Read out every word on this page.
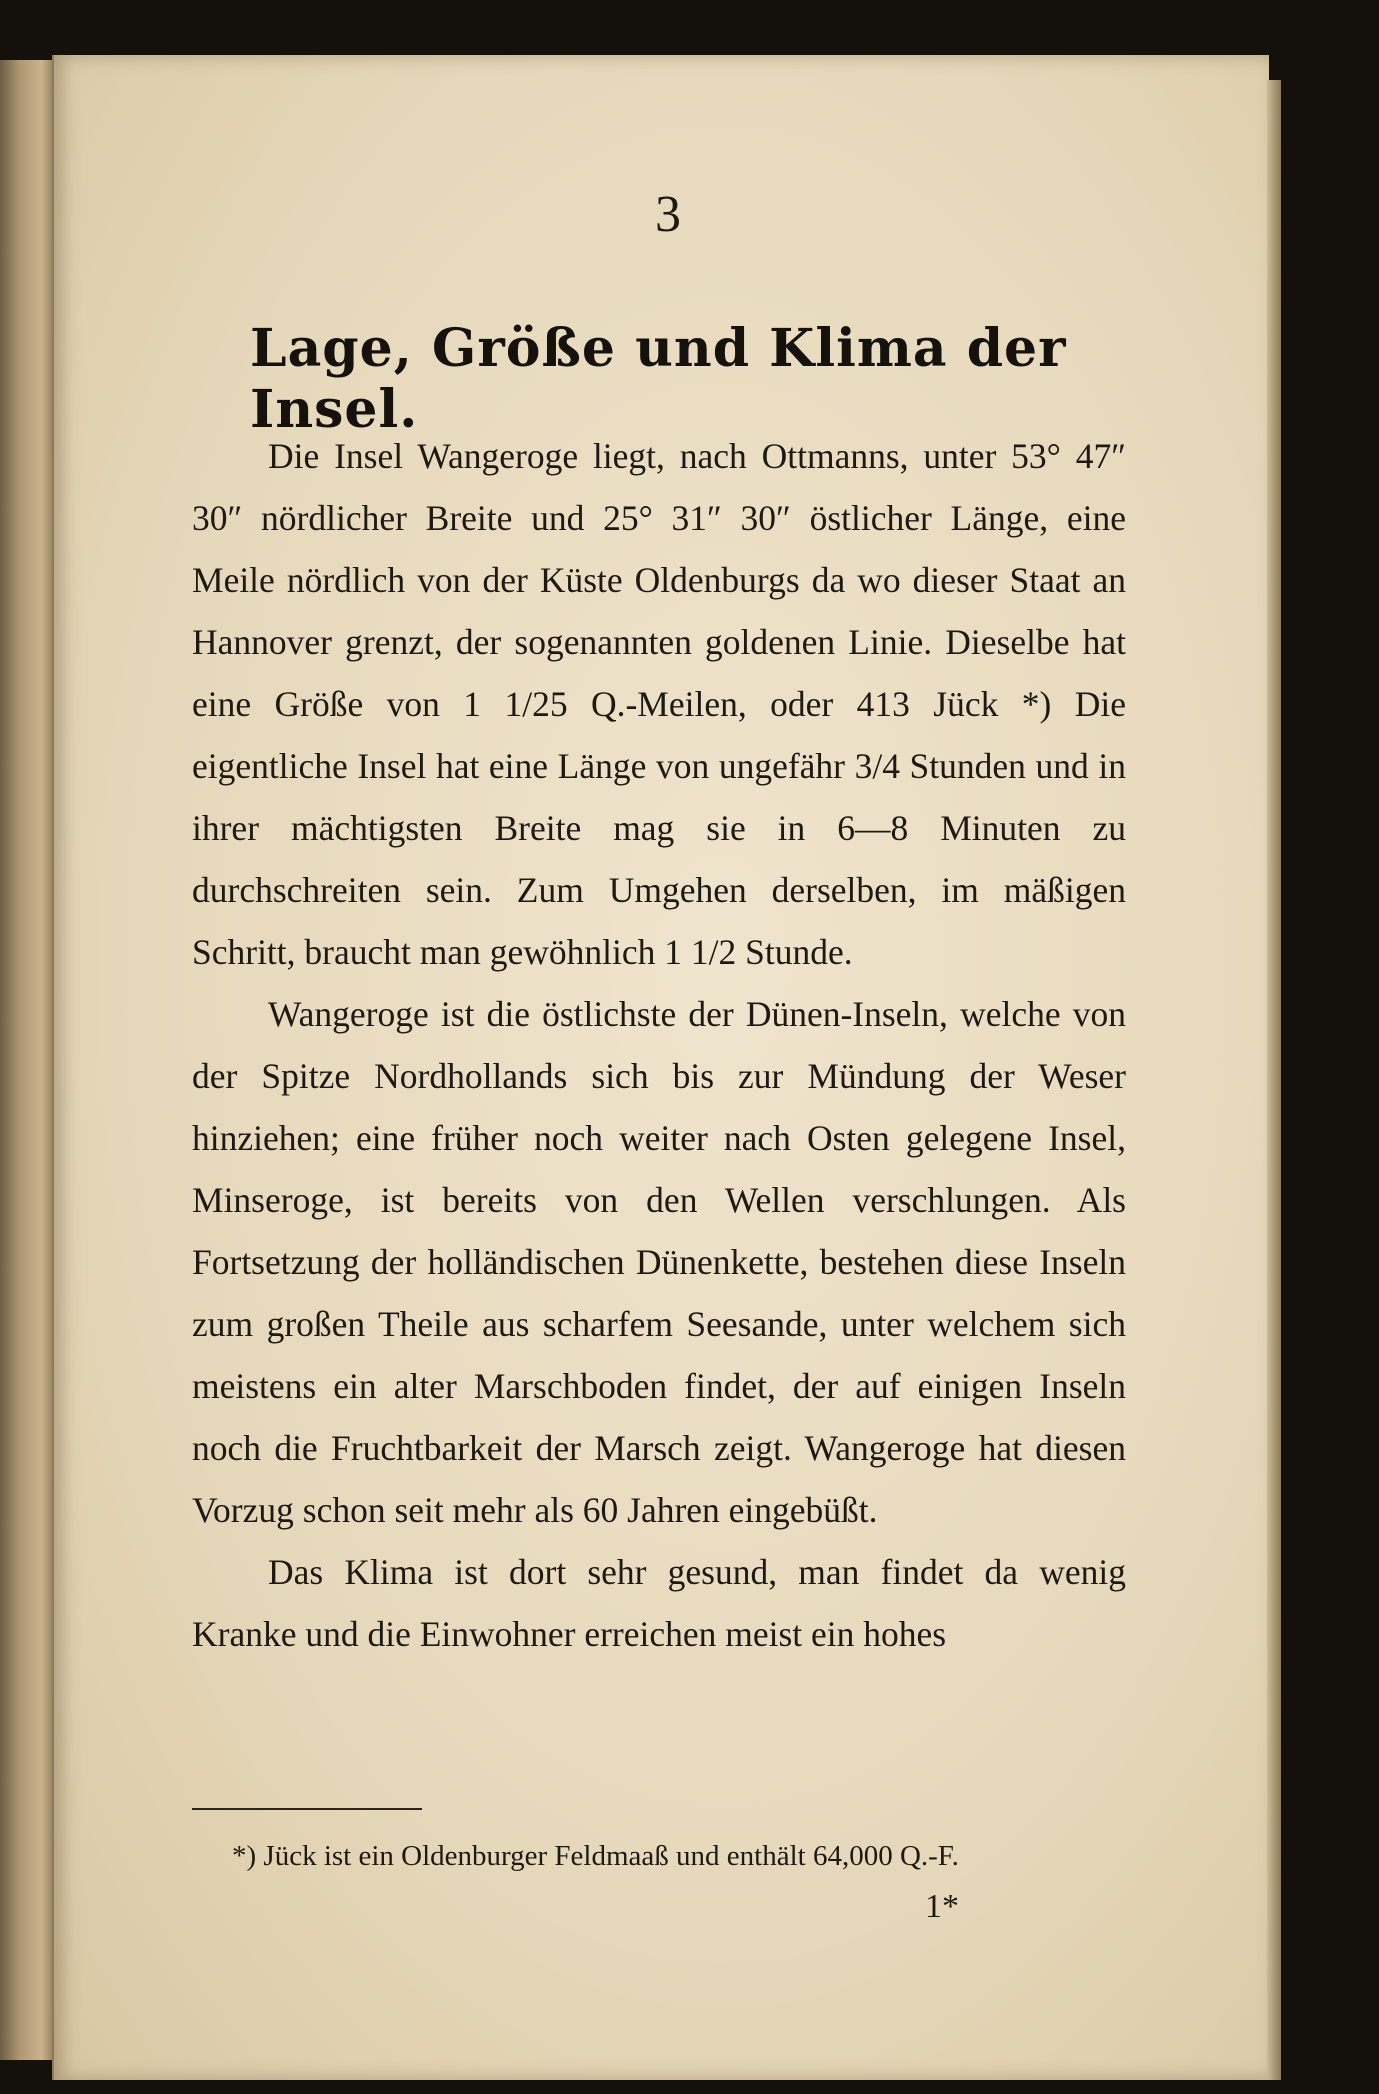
3
Lage, Größe und Klima der Insel.

Die Insel Wangeroge liegt, nach Ottmanns, unter 53° 47″ 30″ nördlicher Breite und 25° 31″ 30″ östlicher Länge, eine Meile nördlich von der Küste Oldenburgs da wo dieser Staat an Hannover grenzt, der sogenannten goldenen Linie. Dieselbe hat eine Größe von 1 1/25 Q.-Meilen, oder 413 Jück *) Die eigentliche Insel hat eine Länge von ungefähr 3/4 Stunden und in ihrer mächtigsten Breite mag sie in 6—8 Minuten zu durchschreiten sein. Zum Umgehen derselben, im mäßigen Schritt, braucht man gewöhnlich 1 1/2 Stunde.

Wangeroge ist die östlichste der Dünen-Inseln, welche von der Spitze Nordhollands sich bis zur Mündung der Weser hinziehen; eine früher noch weiter nach Osten gelegene Insel, Minseroge, ist bereits von den Wellen verschlungen. Als Fortsetzung der holländischen Dünenkette, bestehen diese Inseln zum großen Theile aus scharfem Seesande, unter welchem sich meistens ein alter Marschboden findet, der auf einigen Inseln noch die Fruchtbarkeit der Marsch zeigt. Wangeroge hat diesen Vorzug schon seit mehr als 60 Jahren eingebüßt.

Das Klima ist dort sehr gesund, man findet da wenig Kranke und die Einwohner erreichen meist ein hohes

*) Jück ist ein Oldenburger Feldmaaß und enthält 64,000 Q.-F.
1*
